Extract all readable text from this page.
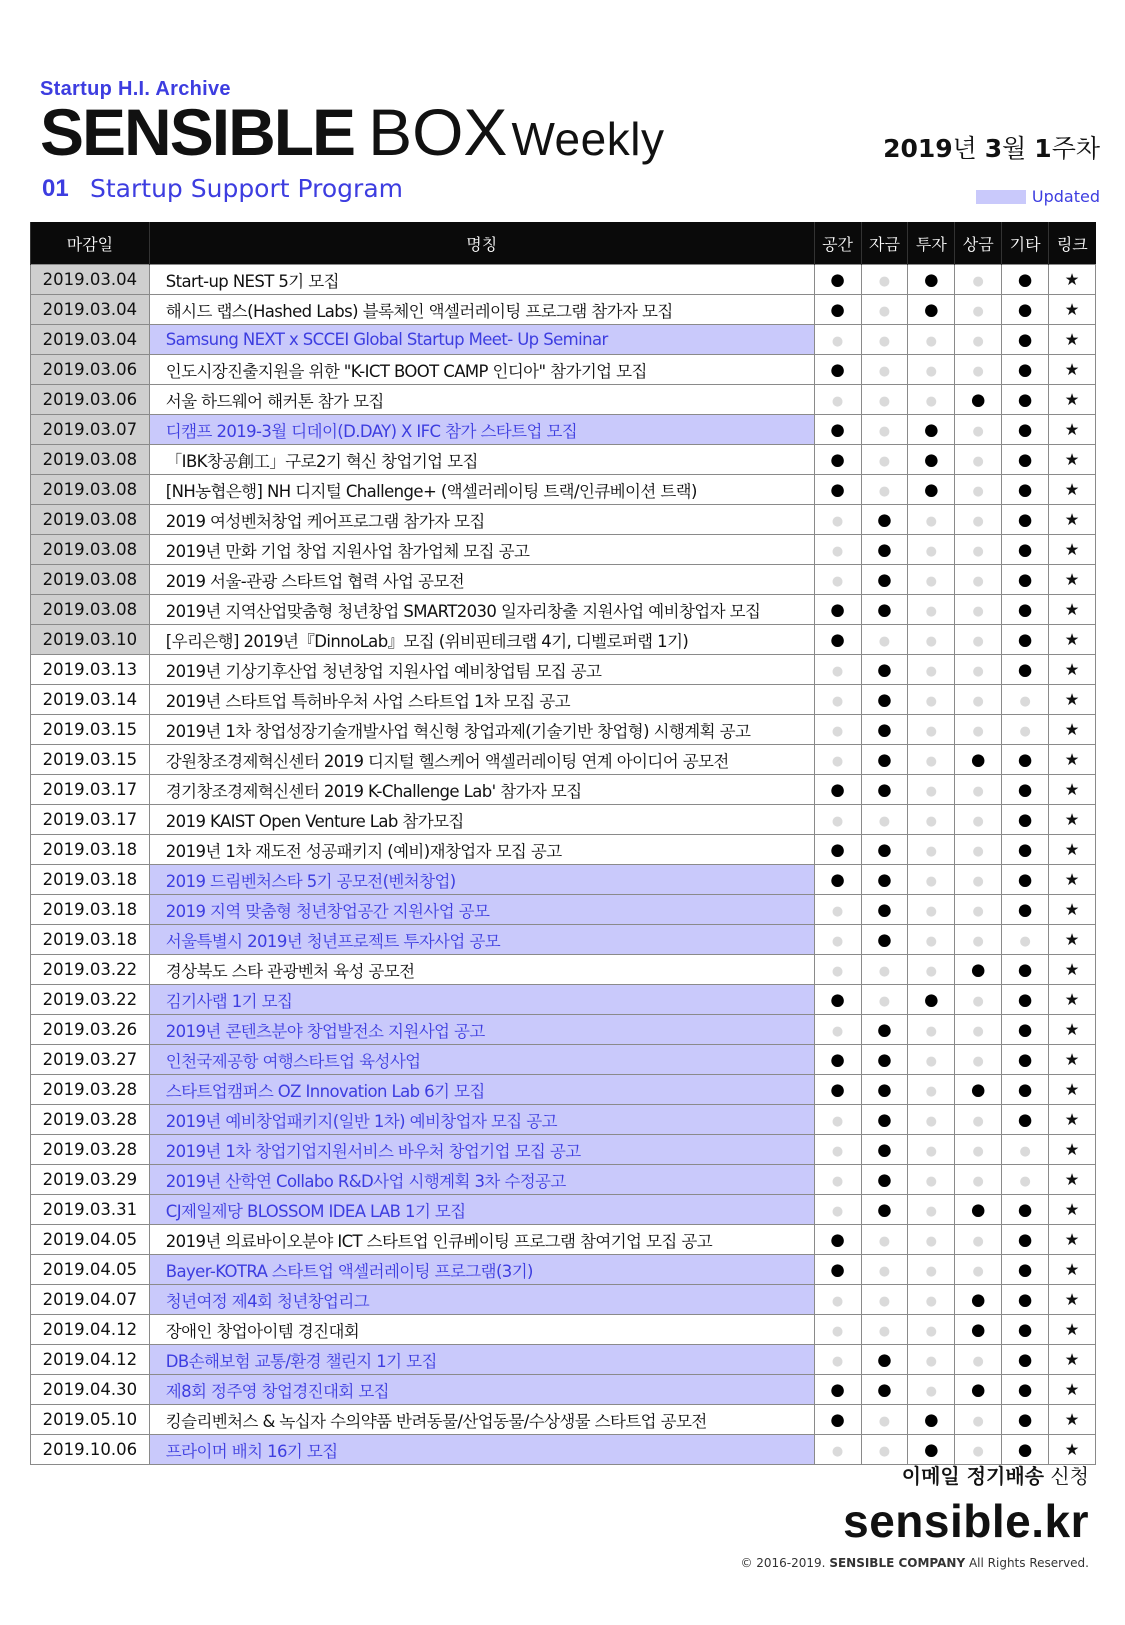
Startup H.I. Archive
SENSIBLE BOXWeekly	2019년 3월 1주차
01 Startup Support Program	Updated
마감일	명칭	공간	자금	투자	상금	기타	링크
2019.03.04	Start-up NEST 5기 모집	●	●	●	●	●	★
2019.03.04	해시드 랩스(Hashed Labs) 블록체인 액셀러레이팅 프로그램 참가자 모집	●	●	●	●	●	★
2019.03.04	Samsung NEXT x SCCEI Global Startup Meet- Up Seminar	●	●	●	●	●	★
2019.03.06	인도시장진출지원을 위한 "K-ICT BOOT CAMP 인디아" 참가기업 모집	●	●	●	●	●	★
2019.03.06	서울 하드웨어 해커톤 참가 모집	●	●	●	●	●	★
2019.03.07	디캠프 2019-3월 디데이(D.DAY) X IFC 참가 스타트업 모집	●	●	●	●	●	★
2019.03.08	「IBK창공創工」구로2기 혁신 창업기업 모집	●	●	●	●	●	★
2019.03.08	[NH농협은행] NH 디지털 Challenge+ (액셀러레이팅 트랙/인큐베이션 트랙)	●	●	●	●	●	★
2019.03.08	2019 여성벤처창업 케어프로그램 참가자 모집	●	●	●	●	●	★
2019.03.08	2019년 만화 기업 창업 지원사업 참가업체 모집 공고	●	●	●	●	●	★
2019.03.08	2019 서울-관광 스타트업 협력 사업 공모전	●	●	●	●	●	★
2019.03.08	2019년 지역산업맞춤형 청년창업 SMART2030 일자리창출 지원사업 예비창업자 모집	●	●	●	●	●	★
2019.03.10	[우리은행] 2019년『DinnoLab』모집 (위비핀테크랩 4기, 디벨로퍼랩 1기)	●	●	●	●	●	★
2019.03.13	2019년 기상기후산업 청년창업 지원사업 예비창업팀 모집 공고	●	●	●	●	●	★
2019.03.14	2019년 스타트업 특허바우처 사업 스타트업 1차 모집 공고	●	●	●	●	●	★
2019.03.15	2019년 1차 창업성장기술개발사업 혁신형 창업과제(기술기반 창업형) 시행계획 공고	●	●	●	●	●	★
2019.03.15	강원창조경제혁신센터 2019 디지털 헬스케어 액셀러레이팅 연계 아이디어 공모전	●	●	●	●	●	★
2019.03.17	경기창조경제혁신센터 2019 K-Challenge Lab' 참가자 모집	●	●	●	●	●	★
2019.03.17	2019 KAIST Open Venture Lab 참가모집	●	●	●	●	●	★
2019.03.18	2019년 1차 재도전 성공패키지 (예비)재창업자 모집 공고	●	●	●	●	●	★
2019.03.18	2019 드림벤처스타 5기 공모전(벤처창업)	●	●	●	●	●	★
2019.03.18	2019 지역 맞춤형 청년창업공간 지원사업 공모	●	●	●	●	●	★
2019.03.18	서울특별시 2019년 청년프로젝트 투자사업 공모	●	●	●	●	●	★
2019.03.22	경상북도 스타 관광벤처 육성 공모전	●	●	●	●	●	★
2019.03.22	김기사랩 1기 모집	●	●	●	●	●	★
2019.03.26	2019년 콘텐츠분야 창업발전소 지원사업 공고	●	●	●	●	●	★
2019.03.27	인천국제공항 여행스타트업 육성사업	●	●	●	●	●	★
2019.03.28	스타트업캠퍼스 OZ Innovation Lab 6기 모집	●	●	●	●	●	★
2019.03.28	2019년 예비창업패키지(일반 1차) 예비창업자 모집 공고	●	●	●	●	●	★
2019.03.28	2019년 1차 창업기업지원서비스 바우처 창업기업 모집 공고	●	●	●	●	●	★
2019.03.29	2019년 산학연 Collabo R&D사업 시행계획 3차 수정공고	●	●	●	●	●	★
2019.03.31	CJ제일제당 BLOSSOM IDEA LAB 1기 모집	●	●	●	●	●	★
2019.04.05	2019년 의료바이오분야 ICT 스타트업 인큐베이팅 프로그램 참여기업 모집 공고	●	●	●	●	●	★
2019.04.05	Bayer-KOTRA 스타트업 액셀러레이팅 프로그램(3기)	●	●	●	●	●	★
2019.04.07	청년여정 제4회 청년창업리그	●	●	●	●	●	★
2019.04.12	장애인 창업아이템 경진대회	●	●	●	●	●	★
2019.04.12	DB손해보험 교통/환경 챌린지 1기 모집	●	●	●	●	●	★
2019.04.30	제8회 정주영 창업경진대회 모집	●	●	●	●	●	★
2019.05.10	킹슬리벤처스 & 녹십자 수의약품 반려동물/산업동물/수상생물 스타트업 공모전	●	●	●	●	●	★
2019.10.06	프라이머 배치 16기 모집	●	●	●	●	●	★
이메일 정기배송 신청
sensible.kr
© 2016-2019. SENSIBLE COMPANY All Rights Reserved.
